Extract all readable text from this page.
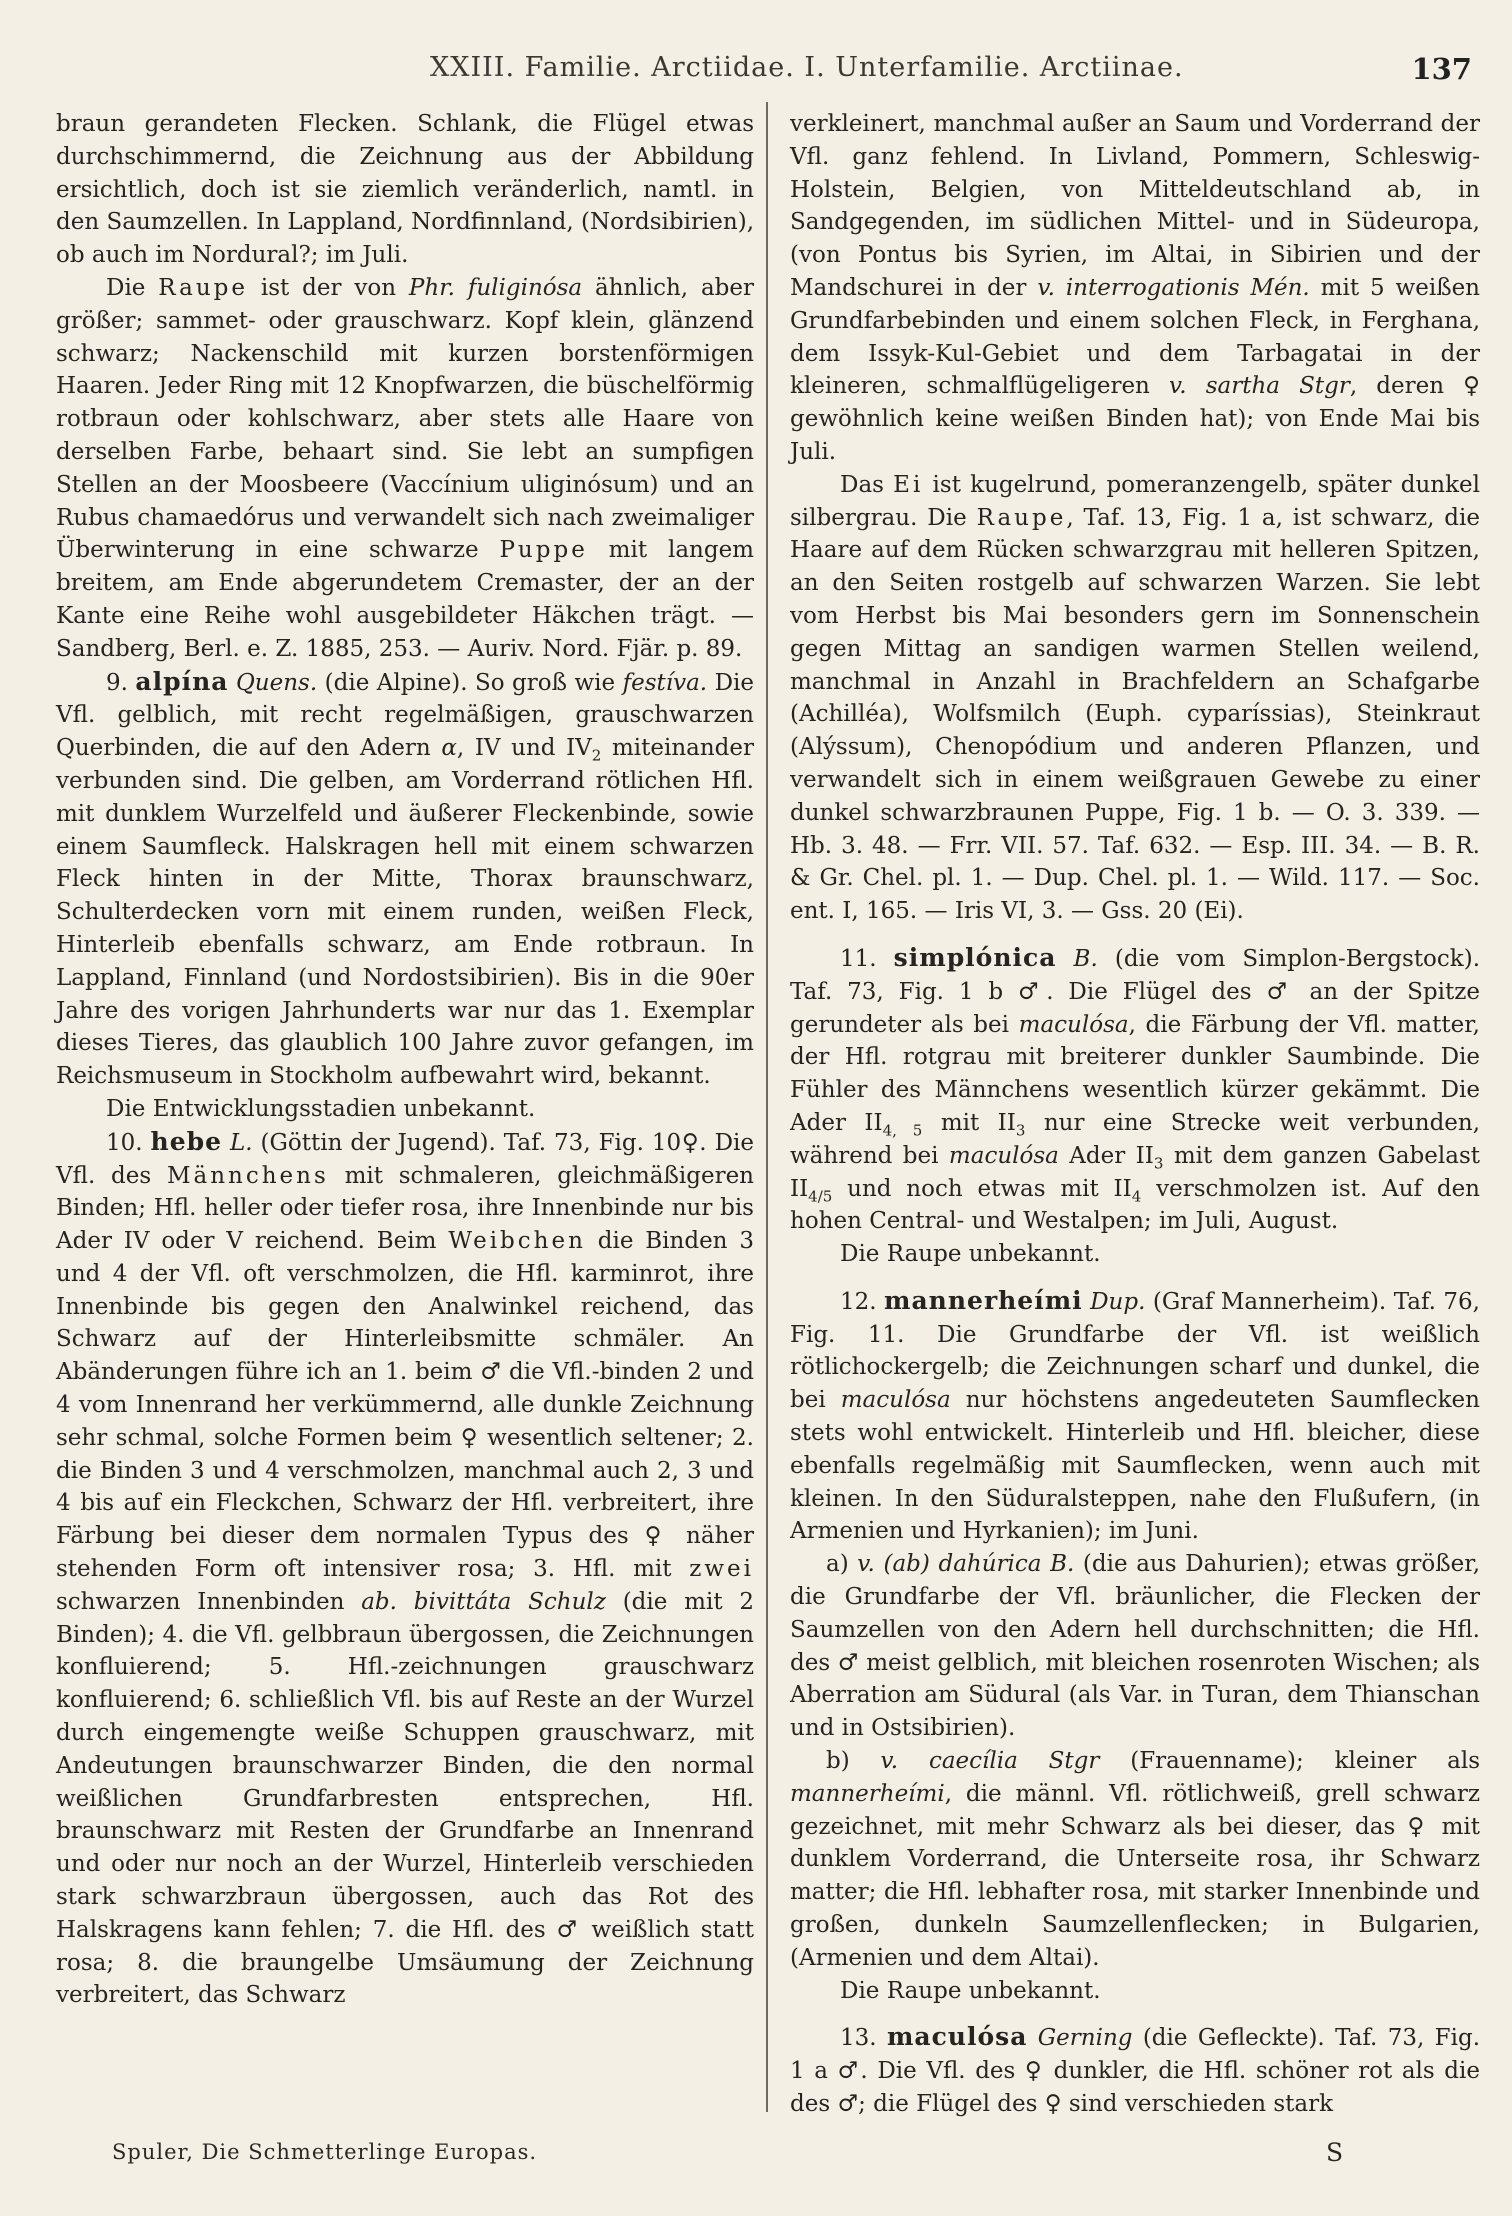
XXIII. Familie. Arctiidae. I. Unterfamilie. Arctiinae.	137

braun gerandeten Flecken. Schlank, die Flügel etwas durchschimmernd, die Zeichnung aus der Abbildung ersichtlich, doch ist sie ziemlich veränderlich, namtl. in den Saumzellen. In Lappland, Nordfinnland, (Nordsibirien), ob auch im Nordural?; im Juli.

Die Raupe ist der von Phr. fuliginósa ähnlich, aber größer; sammet- oder grauschwarz. Kopf klein, glänzend schwarz; Nackenschild mit kurzen borstenförmigen Haaren. Jeder Ring mit 12 Knopfwarzen, die büschelförmig rotbraun oder kohlschwarz, aber stets alle Haare von derselben Farbe, behaart sind. Sie lebt an sumpfigen Stellen an der Moosbeere (Vaccínium uliginósum) und an Rubus chamaedórus und verwandelt sich nach zweimaliger Überwinterung in eine schwarze Puppe mit langem breitem, am Ende abgerundetem Cremaster, der an der Kante eine Reihe wohl ausgebildeter Häkchen trägt. — Sandberg, Berl. e. Z. 1885, 253. — Auriv. Nord. Fjär. p. 89.

9. alpína Quens. (die Alpine). So groß wie festíva. Die Vfl. gelblich, mit recht regelmäßigen, grauschwarzen Querbinden, die auf den Adern α, IV und $IV_2$ miteinander verbunden sind. Die gelben, am Vorderrand rötlichen Hfl. mit dunklem Wurzelfeld und äußerer Fleckenbinde, sowie einem Saumfleck. Halskragen hell mit einem schwarzen Fleck hinten in der Mitte, Thorax braunschwarz, Schulterdecken vorn mit einem runden, weißen Fleck, Hinterleib ebenfalls schwarz, am Ende rotbraun. In Lappland, Finnland (und Nordostsibirien). Bis in die 90er Jahre des vorigen Jahrhunderts war nur das 1. Exemplar dieses Tieres, das glaublich 100 Jahre zuvor gefangen, im Reichsmuseum in Stockholm aufbewahrt wird, bekannt.

Die Entwicklungsstadien unbekannt.

10. hebe L. (Göttin der Jugend). Taf. 73, Fig. 10♀. Die Vfl. des Männchens mit schmaleren, gleichmäßigeren Binden; Hfl. heller oder tiefer rosa, ihre Innenbinde nur bis Ader IV oder V reichend. Beim Weibchen die Binden 3 und 4 der Vfl. oft verschmolzen, die Hfl. karminrot, ihre Innenbinde bis gegen den Analwinkel reichend, das Schwarz auf der Hinterleibsmitte schmäler. An Abänderungen führe ich an 1. beim ♂ die Vfl.-binden 2 und 4 vom Innenrand her verkümmernd, alle dunkle Zeichnung sehr schmal, solche Formen beim ♀ wesentlich seltener; 2. die Binden 3 und 4 verschmolzen, manchmal auch 2, 3 und 4 bis auf ein Fleckchen, Schwarz der Hfl. verbreitert, ihre Färbung bei dieser dem normalen Typus des ♀ näher stehenden Form oft intensiver rosa; 3. Hfl. mit zwei schwarzen Innenbinden ab. bivittáta Schulz (die mit 2 Binden); 4. die Vfl. gelbbraun übergossen, die Zeichnungen konfluierend; 5. Hfl.-zeichnungen grauschwarz konfluierend; 6. schließlich Vfl. bis auf Reste an der Wurzel durch eingemengte weiße Schuppen grauschwarz, mit Andeutungen braunschwarzer Binden, die den normal weißlichen Grundfarbresten entsprechen, Hfl. braunschwarz mit Resten der Grundfarbe an Innenrand und oder nur noch an der Wurzel, Hinterleib verschieden stark schwarzbraun übergossen, auch das Rot des Halskragens kann fehlen; 7. die Hfl. des ♂ weißlich statt rosa; 8. die braungelbe Umsäumung der Zeichnung verbreitert, das Schwarz

verkleinert, manchmal außer an Saum und Vorderrand der Vfl. ganz fehlend. In Livland, Pommern, Schleswig-Holstein, Belgien, von Mitteldeutschland ab, in Sandgegenden, im südlichen Mittel- und in Südeuropa, (von Pontus bis Syrien, im Altai, in Sibirien und der Mandschurei in der v. interrogationis Mén. mit 5 weißen Grundfarbebinden und einem solchen Fleck, in Ferghana, dem Issyk-Kul-Gebiet und dem Tarbagatai in der kleineren, schmalflügeligeren v. sartha Stgr, deren ♀ gewöhnlich keine weißen Binden hat); von Ende Mai bis Juli.

Das Ei ist kugelrund, pomeranzengelb, später dunkel silbergrau. Die Raupe, Taf. 13, Fig. 1 a, ist schwarz, die Haare auf dem Rücken schwarzgrau mit helleren Spitzen, an den Seiten rostgelb auf schwarzen Warzen. Sie lebt vom Herbst bis Mai besonders gern im Sonnenschein gegen Mittag an sandigen warmen Stellen weilend, manchmal in Anzahl in Brachfeldern an Schafgarbe (Achilléa), Wolfsmilch (Euph. cyparíssias), Steinkraut (Alýssum), Chenopódium und anderen Pflanzen, und verwandelt sich in einem weißgrauen Gewebe zu einer dunkel schwarzbraunen Puppe, Fig. 1 b. — O. 3. 339. — Hb. 3. 48. — Frr. VII. 57. Taf. 632. — Esp. III. 34. — B. R. & Gr. Chel. pl. 1. — Dup. Chel. pl. 1. — Wild. 117. — Soc. ent. I, 165. — Iris VI, 3. — Gss. 20 (Ei).

11. simplónica B. (die vom Simplon-Bergstock). Taf. 73, Fig. 1 b ♂. Die Flügel des ♂ an der Spitze gerundeter als bei maculósa, die Färbung der Vfl. matter, der Hfl. rotgrau mit breiterer dunkler Saumbinde. Die Fühler des Männchens wesentlich kürzer gekämmt. Die Ader $II_{4, 5}$ mit $II_3$ nur eine Strecke weit verbunden, während bei maculósa Ader $II_3$ mit dem ganzen Gabelast $II_{4/5}$ und noch etwas mit $II_4$ verschmolzen ist. Auf den hohen Central- und Westalpen; im Juli, August.

Die Raupe unbekannt.

12. mannerheími Dup. (Graf Mannerheim). Taf. 76, Fig. 11. Die Grundfarbe der Vfl. ist weißlich rötlichockergelb; die Zeichnungen scharf und dunkel, die bei maculósa nur höchstens angedeuteten Saumflecken stets wohl entwickelt. Hinterleib und Hfl. bleicher, diese ebenfalls regelmäßig mit Saumflecken, wenn auch mit kleinen. In den Süduralsteppen, nahe den Flußufern, (in Armenien und Hyrkanien); im Juni.

a) v. (ab) dahúrica B. (die aus Dahurien); etwas größer, die Grundfarbe der Vfl. bräunlicher, die Flecken der Saumzellen von den Adern hell durchschnitten; die Hfl. des ♂ meist gelblich, mit bleichen rosenroten Wischen; als Aberration am Südural (als Var. in Turan, dem Thianschan und in Ostsibirien).

b) v. caecília Stgr (Frauenname); kleiner als mannerheími, die männl. Vfl. rötlichweiß, grell schwarz gezeichnet, mit mehr Schwarz als bei dieser, das ♀ mit dunklem Vorderrand, die Unterseite rosa, ihr Schwarz matter; die Hfl. lebhafter rosa, mit starker Innenbinde und großen, dunkeln Saumzellenflecken; in Bulgarien, (Armenien und dem Altai).

Die Raupe unbekannt.

13. maculósa Gerning (die Gefleckte). Taf. 73, Fig. 1 a ♂. Die Vfl. des ♀ dunkler, die Hfl. schöner rot als die des ♂; die Flügel des ♀ sind verschieden stark

Spuler, Die Schmetterlinge Europas.	S
